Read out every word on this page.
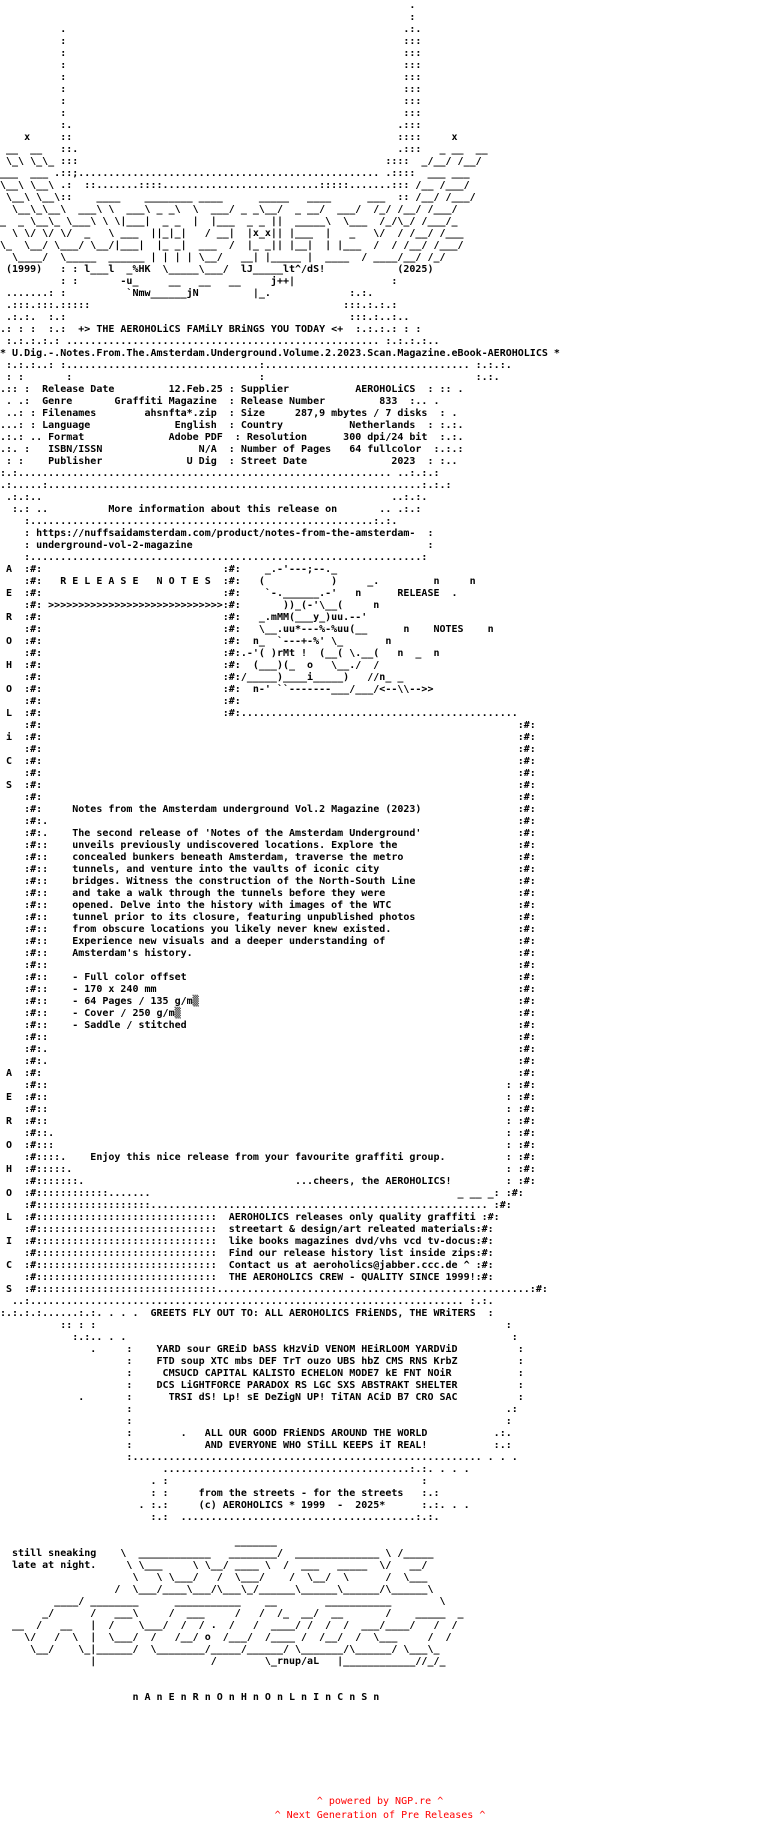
.
:
.                                                        .:.
:                                                        :::
:                                                        :::
:                                                        :::
:                                                        :::
:                                                        :::
:                                                        :::
:                                                        :::
:.                                                      .:::
x     ::                                                      ::::     x
__  __   ::.                                                     .:::   _ __  __
\_\ \_\_ :::                                                   ::::  _/__/ /__/
___  ___ .::;.................................................. .::::  ___ ___
\__\ \__\ .:  ::.......::::..........................:::::.......::: /__ /___/
\__\ \__\::    ____    ________ ____      _____   ____      ___  :: /__/ /___/
\__\_\__\  ___\ \  ___\ _ _\  \  ___/ _ _\__/  _ __/  ___/  /_/ /__/ /___/
_  _ \__\_ \___\ \ \|___|  _ _  |  |___  _ _ ||  _____\  \___  /_/\_/ /___/_
\ \/ \/ \/  _   \ ___  ||_|_|   / __|  |x_x|| |___  |   _   \/  / /__/ /___
\_  \__/ \___/ \__/|___|  |_ _|  ___  /  |_ _|| |__|  | |___  /  / /__/ /___/
\____/  \_____  ______ | | | | \__/   __| |_____ |  ____  / ____/__/ /_/
(1999)   : : l___l  _%HK  \_____\___/  lJ_____lt^/dS!            (2025)
: :       -u_     __   __   __     j++|                :
.......: :          `Nmw______jN         |_.             :.:.
.:::.:::.:::::                                          :::.:.:.:
.:.:.  :.:                                               :::.:..:..
.: : :  :.:  +> THE AEROHOLiCS FAMiLY BRiNGS YOU TODAY <+  :.:.:.: : :
:.:.:.:.: .................................................... :.:.:.:..
* U.Dig.-.Notes.From.The.Amsterdam.Underground.Volume.2.2023.Scan.Magazine.eBook-AEROHOLICS *
:.:.:..: :................................:.................................. :.:.:.
: :       :                               :                                   :.:.
.:: :  Release Date         12.Feb.25 : Supplier           AEROHOLiCS  : :: .
. .:  Genre       Graffiti Magazine  : Release Number         833  :.. .
..: : Filenames        ahsnfta*.zip  : Size     287,9 mbytes / 7 disks  : .
...: : Language              English  : Country           Netherlands  : :.:.
.:.: .. Format              Adobe PDF  : Resolution      300 dpi/24 bit  :.:.
.:. :   ISBN/ISSN                N/A  : Number of Pages   64 fullcolor  :.:.:
: :    Publisher              U Dig  : Street Date              2023  : :..
:.:.............................................................. ..:.:.:
.:.....:..............................................................:.:.:
.:.:..                                                          ..:.:.
:.: ..          More information about this release on       .. .:.:
:.........................................................:.:.
: https://nuffsaidamsterdam.com/product/notes-from-the-amsterdam-  :
: underground-vol-2-magazine                                       :
:.................................................................:
A  :#:                              :#:    _.-'---;--._
:#:   R E L E A S E   N O T E S  :#:   (           )     _.         n     n
E  :#:                              :#:    `-.______.-'   n      RELEASE  .
:#: >>>>>>>>>>>>>>>>>>>>>>>>>>>>>:#:       ))_(-'\__(     n
R  :#:                              :#:   _.mMM(___y_)uu.--'
:#:                              :#:   \__.uu*---%-%uu(__      n    NOTES    n
O  :#:                              :#:  n_  `---+-%' \_       n
:#:                              :#:.-'( )rMt !  (__( \.__(   n  _  n
H  :#:                              :#:  (___)(_  o   \__./  /
:#:                              :#:/_____)____i_____)   //n_ _
O  :#:                              :#:  n-' ``-------___/___/<--\\-->>
:#:                              :#:
L  :#:                              :#:..............................................
:#:                                                                               :#:
i  :#:                                                                               :#:
:#:                                                                               :#:
C  :#:                                                                               :#:
:#:                                                                               :#:
S  :#:                                                                               :#:
:#:                                                                               :#:
:#:     Notes from the Amsterdam underground Vol.2 Magazine (2023)                :#:
:#:.                                                                              :#:
:#:.    The second release of 'Notes of the Amsterdam Underground'                :#:
:#::    unveils previously undiscovered locations. Explore the                    :#:
:#::    concealed bunkers beneath Amsterdam, traverse the metro                   :#:
:#::    tunnels, and venture into the vaults of iconic city                       :#:
:#::    bridges. Witness the construction of the North-South Line                 :#:
:#::    and take a walk through the tunnels before they were                      :#:
:#::    opened. Delve into the history with images of the WTC                     :#:
:#::    tunnel prior to its closure, featuring unpublished photos                 :#:
:#::    from obscure locations you likely never knew existed.                     :#:
:#::    Experience new visuals and a deeper understanding of                      :#:
:#::    Amsterdam's history.                                                      :#:
:#::                                                                              :#:
:#::    - Full color offset                                                       :#:
:#::    - 170 x 240 mm                                                            :#:
:#::    - 64 Pages / 135 g/m▒                                                     :#:
:#::    - Cover / 250 g/m▒                                                        :#:
:#::    - Saddle / stitched                                                       :#:
:#::                                                                              :#:
:#:.                                                                              :#:
:#:.                                                                              :#:
A  :#:                                                                               :#:
:#::                                                                            : :#:
E  :#::                                                                            : :#:
:#::                                                                            : :#:
R  :#::                                                                            : :#:
:#::.                                                                           : :#:
O  :#:::                                                                           : :#:
:#::::.    Enjoy this nice release from your favourite graffiti group.          : :#:
H  :#:::::.                                                                        : :#:
:#:::::::.                                   ...cheers, the AEROHOLICS!         : :#:
O  :#::::::::::::.......                                                   _ __ _: :#:
:#:::::::::::::::::::........................................................ :#:
L  :#::::::::::::::::::::::::::::::  AEROHOLICS releases only quality graffiti :#:
:#::::::::::::::::::::::::::::::  streetart & design/art releated materials:#:
I  :#::::::::::::::::::::::::::::::  like books magazines dvd/vhs vcd tv-docus:#:
:#::::::::::::::::::::::::::::::  Find our release history list inside zips:#:
C  :#::::::::::::::::::::::::::::::  Contact us at aeroholics@jabber.ccc.de ^ :#:
:#::::::::::::::::::::::::::::::  THE AEROHOLICS CREW - QUALITY SINCE 1999!:#:
S  :#::::::::::::::::::::::::::::::....................................................:#:
..:........................................................................ :.:.
:.:.:.:......:.:. . . .  GREETS FLY OUT TO: ALL AEROHOLICS FRiENDS, THE WRiTERS  :
:: : :                                                                    :
:.:.. . .                                                                :
.     :    YARD sour GREiD bASS kHzViD VENOM HEiRLOOM YARDViD          :
:    FTD soup XTC mbs DEF TrT ouzo UBS hbZ CMS RNS KrbZ          :
:     CMSUCD CAPITAL KALISTO ECHELON MODE7 kE FNT NOiR           :
:    DCS LiGHTFORCE PARADOX RS LGC SXS ABSTRAKT SHELTER          :
.       :      TRSI dS! Lp! sE DeZigN UP! TiTAN ACiD B7 CRO SAC          :
:                                                              .:
:                                                              :
:        .   ALL OUR GOOD FRiENDS AROUND THE WORLD           .:.
:            AND EVERYONE WHO STiLL KEEPS iT REAL!           :.:
:.......................................................... . . .
.........................................:.:. . . .
. :                                          :
: :     from the streets - for the streets   :.:
. :.:     (c) AEROHOLICS * 1999  -  2025*      :.:. . .
:.:  .......................................:.:.

_______
still sneaking    \  ____________   ________/  ______________ \ /_____
late at night.     \ \___     \ \__/ ____ \  /  ___   _____  \/   __/
\   \ \___/   /  \___/    /  \__/  \      /  \___
/  \___/____\___/\___\_/______\______\______/\______\
____/ ________      ___________    __        ___________        \
_/      /   ___\     /  ___     /   /  /_  __/  __       /    _____  _
__  /   __   |  /    \___/  /  / .  /   /  ____/ /  /  /  ___/____/   /  /
\/   /  \  |  \___/  /   /__/ o  /___/  /____ /  /__/  /  \___     /  /
\__/    \_|______/  \________/_____/______/ \_______/\______/ \___\_
|                   /        \_rnup/aL   |____________//_/_

n A n E n R n O n H n O n L n I n C n S n

^ powered by NGP.re ^
^ Next Generation of Pre Releases ^
